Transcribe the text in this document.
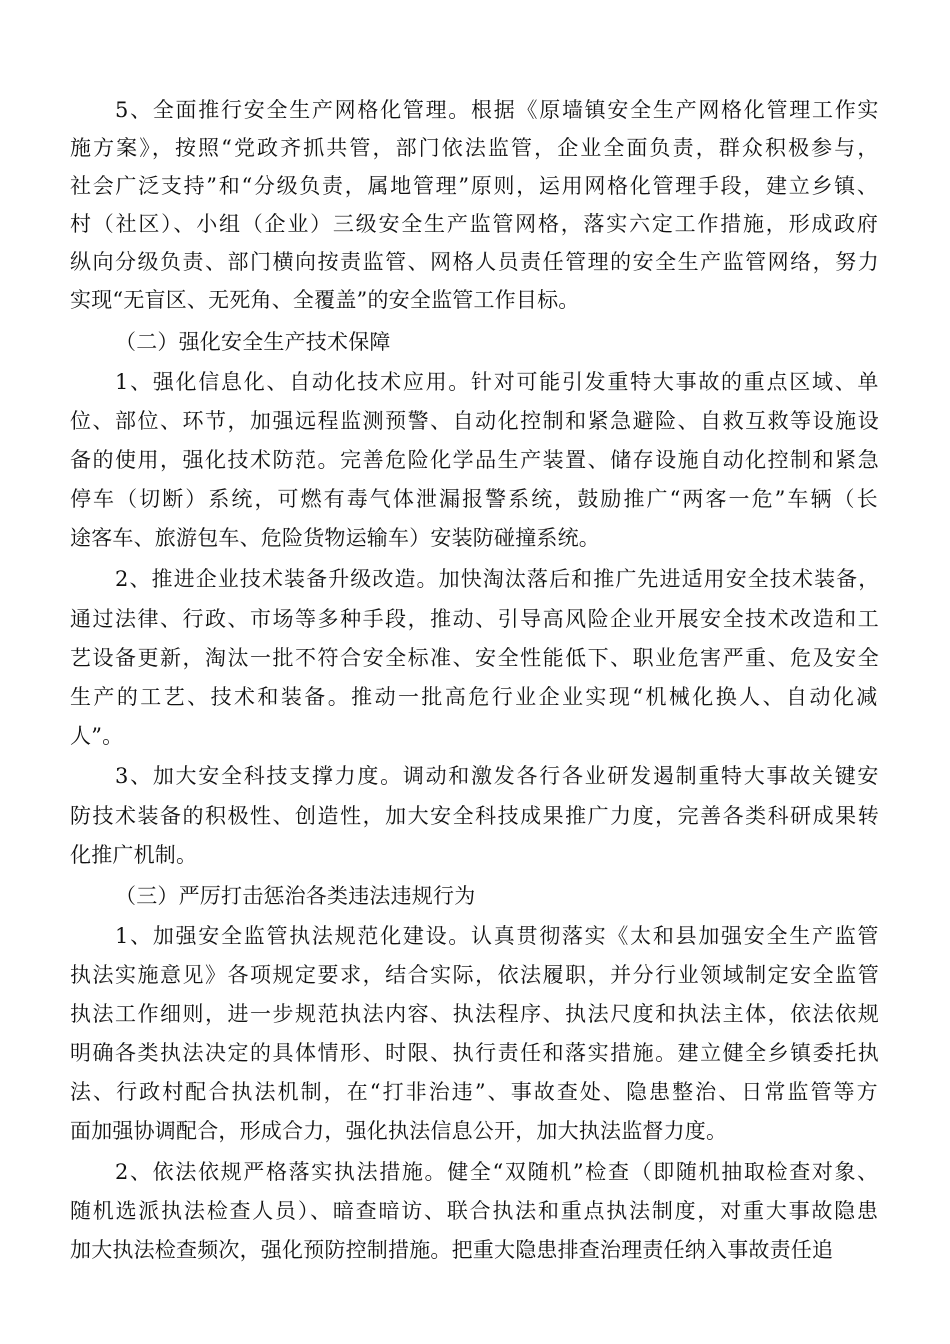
5、全面推行安全生产网格化管理。根据《原墙镇安全生产网格化管理工作实
施方案》，按照“党政齐抓共管，部门依法监管，企业全面负责，群众积极参与，
社会广泛支持”和“分级负责，属地管理”原则，运用网格化管理手段，建立乡镇、
村（社区）、小组（企业）三级安全生产监管网格，落实六定工作措施，形成政府
纵向分级负责、部门横向按责监管、网格人员责任管理的安全生产监管网络，努力
实现“无盲区、无死角、全覆盖”的安全监管工作目标。
（二）强化安全生产技术保障
1、强化信息化、自动化技术应用。针对可能引发重特大事故的重点区域、单
位、部位、环节，加强远程监测预警、自动化控制和紧急避险、自救互救等设施设
备的使用，强化技术防范。完善危险化学品生产装置、储存设施自动化控制和紧急
停车（切断）系统，可燃有毒气体泄漏报警系统，鼓励推广“两客一危”车辆（长
途客车、旅游包车、危险货物运输车）安装防碰撞系统。
2、推进企业技术装备升级改造。加快淘汰落后和推广先进适用安全技术装备，
通过法律、行政、市场等多种手段，推动、引导高风险企业开展安全技术改造和工
艺设备更新，淘汰一批不符合安全标准、安全性能低下、职业危害严重、危及安全
生产的工艺、技术和装备。推动一批高危行业企业实现“机械化换人、自动化减
人”。
3、加大安全科技支撑力度。调动和激发各行各业研发遏制重特大事故关键安
防技术装备的积极性、创造性，加大安全科技成果推广力度，完善各类科研成果转
化推广机制。
（三）严厉打击惩治各类违法违规行为
1、加强安全监管执法规范化建设。认真贯彻落实《太和县加强安全生产监管
执法实施意见》各项规定要求，结合实际，依法履职，并分行业领域制定安全监管
执法工作细则，进一步规范执法内容、执法程序、执法尺度和执法主体，依法依规
明确各类执法决定的具体情形、时限、执行责任和落实措施。建立健全乡镇委托执
法、行政村配合执法机制，在“打非治违”、事故查处、隐患整治、日常监管等方
面加强协调配合，形成合力，强化执法信息公开，加大执法监督力度。
2、依法依规严格落实执法措施。健全“双随机”检查（即随机抽取检查对象、
随机选派执法检查人员）、暗查暗访、联合执法和重点执法制度，对重大事故隐患
加大执法检查频次，强化预防控制措施。把重大隐患排查治理责任纳入事故责任追
